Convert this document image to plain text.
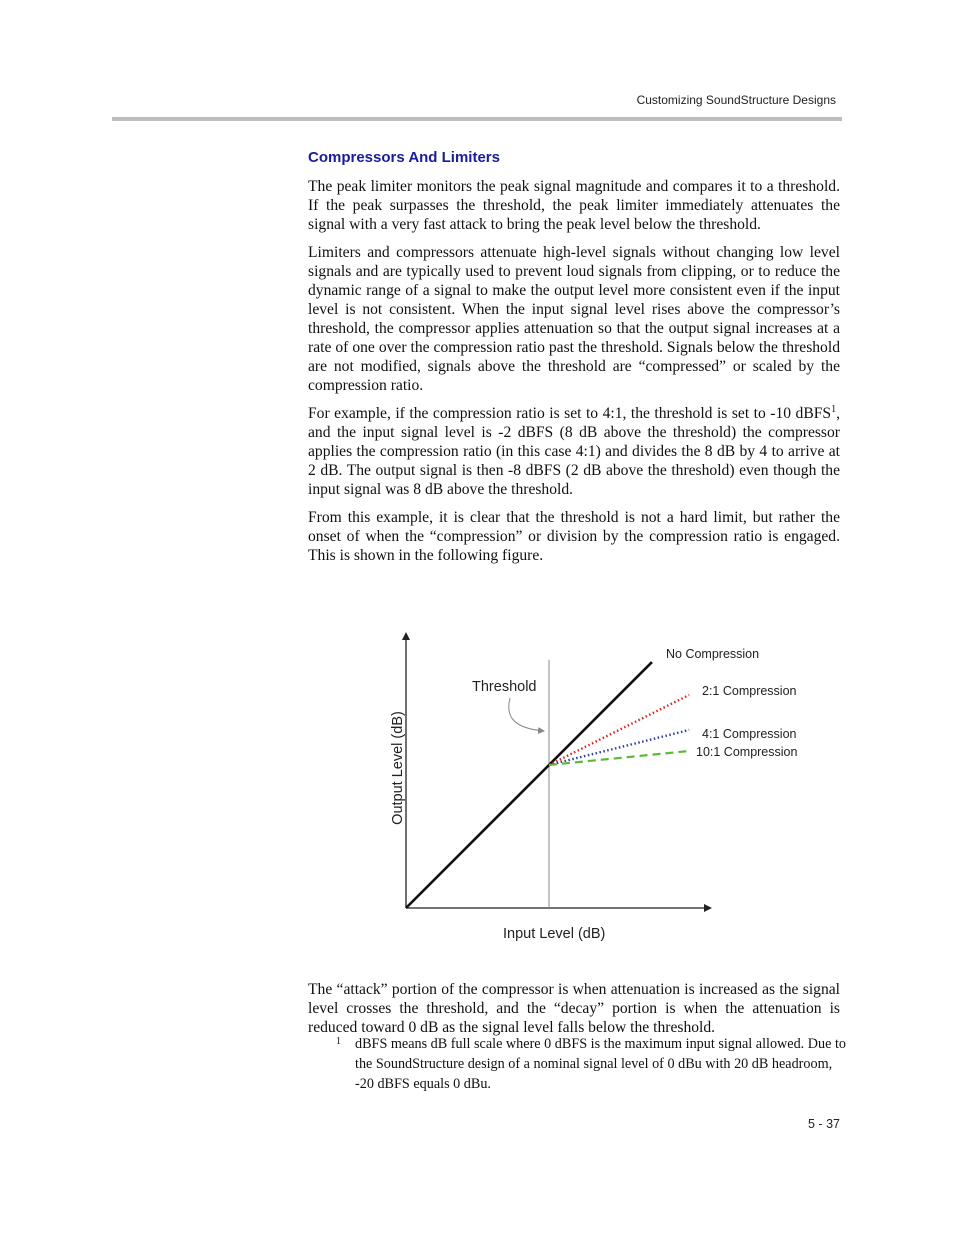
Customizing SoundStructure Designs
Compressors And Limiters

The peak limiter monitors the peak signal magnitude and compares it to a threshold. If the peak surpasses the threshold, the peak limiter immediately attenuates the signal with a very fast attack to bring the peak level below the threshold.

Limiters and compressors attenuate high-level signals without changing low level signals and are typically used to prevent loud signals from clipping, or to reduce the dynamic range of a signal to make the output level more consistent even if the input level is not consistent. When the input signal level rises above the compressor’s threshold, the compressor applies attenuation so that the output signal increases at a rate of one over the compression ratio past the threshold. Signals below the threshold are not modified, signals above the threshold are “compressed” or scaled by the compression ratio.

For example, if the compression ratio is set to 4:1, the threshold is set to -10 dBFS$^1$, and the input signal level is -2 dBFS (8 dB above the threshold) the compressor applies the compression ratio (in this case 4:1) and divides the 8 dB by 4 to arrive at 2 dB. The output signal is then -8 dBFS (2 dB above the threshold) even though the input signal was 8 dB above the threshold.

From this example, it is clear that the threshold is not a hard limit, but rather the onset of when the “compression” or division by the compression ratio is engaged. This is shown in the following figure.

No Compression
2:1 Compression
4:1 Compression
10:1 Compression
Threshold
Output Level (dB)
Input Level (dB)

The “attack” portion of the compressor is when attenuation is increased as the signal level crosses the threshold, and the “decay” portion is when the attenuation is reduced toward 0 dB as the signal level falls below the threshold.

1 dBFS means dB full scale where 0 dBFS is the maximum input signal allowed. Due to the SoundStructure design of a nominal signal level of 0 dBu with 20 dB headroom, -20 dBFS equals 0 dBu.
5 - 37
